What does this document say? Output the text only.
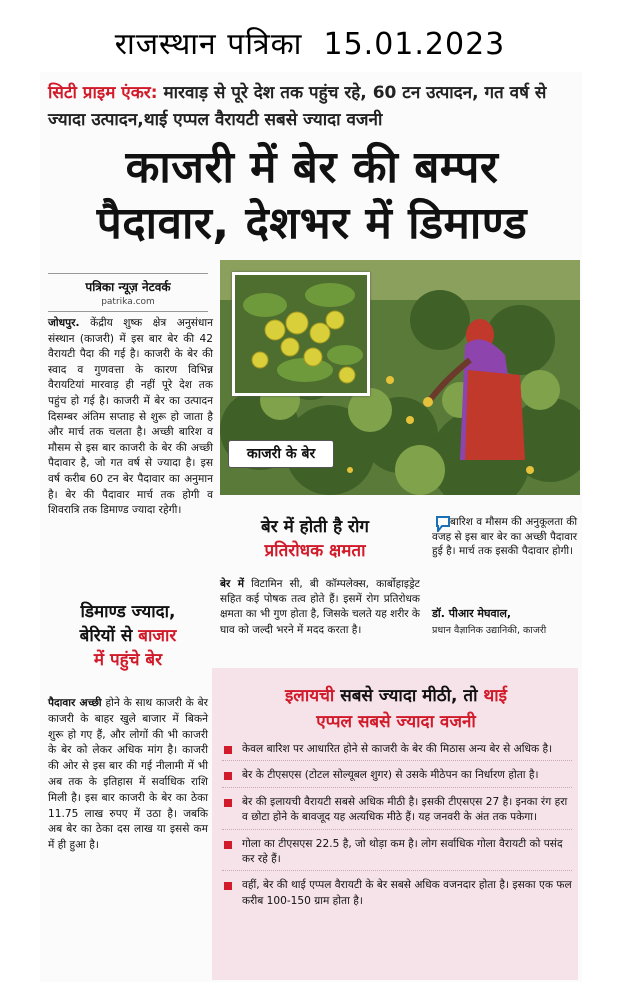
राजस्थान पत्रिका 15.01.2023
सिटी प्राइम एंकर: मारवाड़ से पूरे देश तक पहुंच रहे, 60 टन उत्पादन, गत वर्ष से ज्यादा उत्पादन,थाई एप्पल वैरायटी सबसे ज्यादा वजनी
काजरी में बेर की बम्पर
पैदावार, देशभर में डिमाण्ड
पत्रिका न्यूज़ नेटवर्क
patrika.com
जोधपुर. केंद्रीय शुष्क क्षेत्र अनुसंधान संस्थान (काजरी) में इस बार बेर की 42 वैरायटी पैदा की गई है। काजरी के बेर की स्वाद व गुणवत्ता के कारण विभिन्न वैरायटियां मारवाड़ ही नहीं पूरे देश तक पहुंच हो गई है। काजरी में बेर का उत्पादन दिसम्बर अंतिम सप्ताह से शुरू हो जाता है और मार्च तक चलता है। अच्छी बारिश व मौसम से इस बार काजरी के बेर की अच्छी पैदावार है, जो गत वर्ष से ज्यादा है। इस वर्ष करीब 60 टन बेर पैदावार का अनुमान है। बेर की पैदावार मार्च तक होगी व शिवरात्रि तक डिमाण्ड ज्यादा रहेगी।
काजरी के बेर
बेर में होती है रोग
प्रतिरोधक क्षमता
बेर में विटामिन सी, बी कॉम्पलेक्स, कार्बोहाइड्रेट सहित कई पोषक तत्व होते हैं। इसमें रोग प्रतिरोधक क्षमता का भी गुण होता है, जिसके चलते यह शरीर के घाव को जल्दी भरने में मदद करता है।
बारिश व मौसम की अनुकूलता की वजह से इस बार बेर का अच्छी पैदावार हुई है। मार्च तक इसकी पैदावार होगी।
डॉ. पीआर मेघवाल,
प्रधान वैज्ञानिक उद्यानिकी, काजरी
डिमाण्ड ज्यादा,
बेरियों से बाजार
में पहुंचे बेर
पैदावार अच्छी होने के साथ काजरी के बेर काजरी के बाहर खुले बाजार में बिकने शुरू हो गए हैं, और लोगों की भी काजरी के बेर को लेकर अधिक मांग है। काजरी की ओर से इस बार की गई नीलामी में भी अब तक के इतिहास में सर्वाधिक राशि मिली है। इस बार काजरी के बेर का ठेका 11.75 लाख रुपए में उठा है। जबकि अब बेर का ठेका दस लाख या इससे कम में ही हुआ है।
इलायची सबसे ज्यादा मीठी, तो थाई
एप्पल सबसे ज्यादा वजनी
केवल बारिश पर आधारित होने से काजरी के बेर की मिठास अन्य बेर से अधिक है।
बेर के टीएसएस (टोटल सोल्यूबल शुगर) से उसके मीठेपन का निर्धारण होता है।
बेर की इलायची वैरायटी सबसे अधिक मीठी है। इसकी टीएसएस 27 है। इनका रंग हरा व छोटा होने के बावजूद यह अत्यधिक मीठे हैं। यह जनवरी के अंत तक पकेगा।
गोला का टीएसएस 22.5 है, जो थोड़ा कम है। लोग सर्वाधिक गोला वैरायटी को पसंद कर रहे हैं।
वहीं, बेर की थाई एप्पल वैरायटी के बेर सबसे अधिक वजनदार होता है। इसका एक फल करीब 100-150 ग्राम होता है।
